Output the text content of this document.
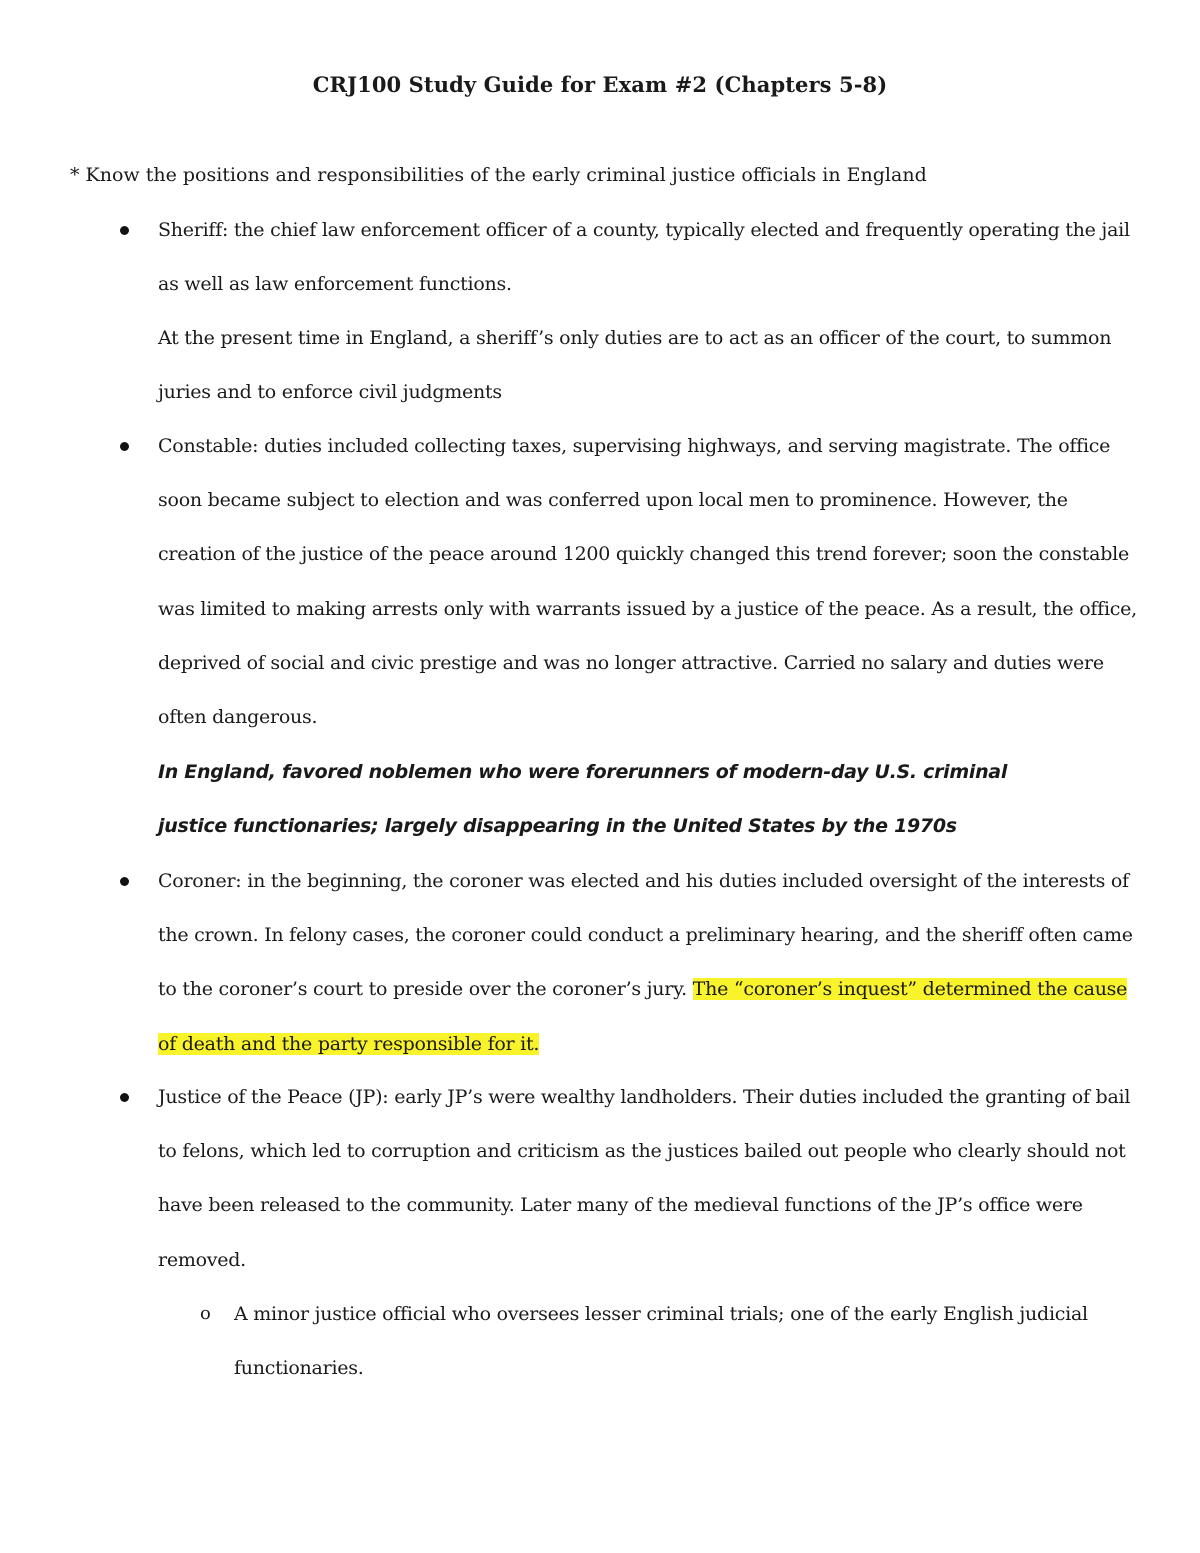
CRJ100 Study Guide for Exam #2 (Chapters 5-8)
* Know the positions and responsibilities of the early criminal justice officials in England
Sheriff: the chief law enforcement officer of a county, typically elected and frequently operating the jail as well as law enforcement functions.
At the present time in England, a sheriff’s only duties are to act as an officer of the court, to summon juries and to enforce civil judgments
Constable: duties included collecting taxes, supervising highways, and serving magistrate. The office soon became subject to election and was conferred upon local men to prominence. However, the creation of the justice of the peace around 1200 quickly changed this trend forever; soon the constable was limited to making arrests only with warrants issued by a justice of the peace. As a result, the office, deprived of social and civic prestige and was no longer attractive. Carried no salary and duties were often dangerous.
In England, favored noblemen who were forerunners of modern-day U.S. criminal justice functionaries; largely disappearing in the United States by the 1970s
Coroner: in the beginning, the coroner was elected and his duties included oversight of the interests of the crown. In felony cases, the coroner could conduct a preliminary hearing, and the sheriff often came to the coroner’s court to preside over the coroner’s jury. The “coroner’s inquest” determined the cause of death and the party responsible for it.
Justice of the Peace (JP): early JP’s were wealthy landholders. Their duties included the granting of bail to felons, which led to corruption and criticism as the justices bailed out people who clearly should not have been released to the community. Later many of the medieval functions of the JP’s office were removed.
o A minor justice official who oversees lesser criminal trials; one of the early English judicial functionaries.
